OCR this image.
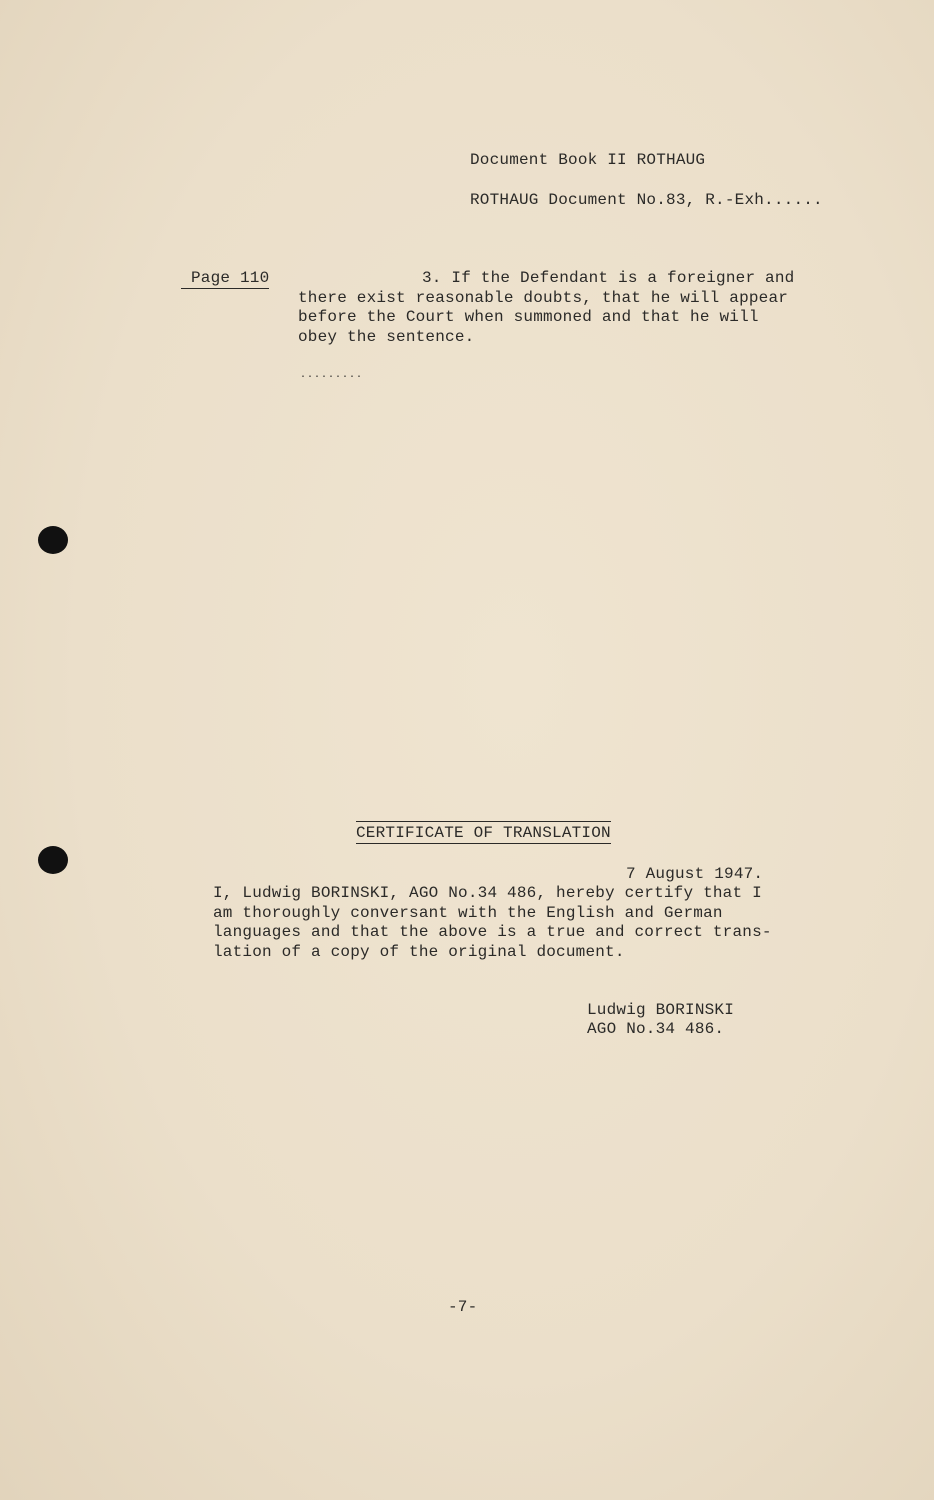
Document Book II ROTHAUG
ROTHAUG Document No.83, R.-Exh......
Page 110	3. If the Defendant is a foreigner and
there exist reasonable doubts, that he will appear
before the Court when summoned and that he will
obey the sentence.
.........
CERTIFICATE OF TRANSLATION
7 August 1947.
I, Ludwig BORINSKI, AGO No.34 486, hereby certify that I
am thoroughly conversant with the English and German
languages and that the above is a true and correct trans-
lation of a copy of the original document.
Ludwig BORINSKI
AGO No.34 486.
-7-
